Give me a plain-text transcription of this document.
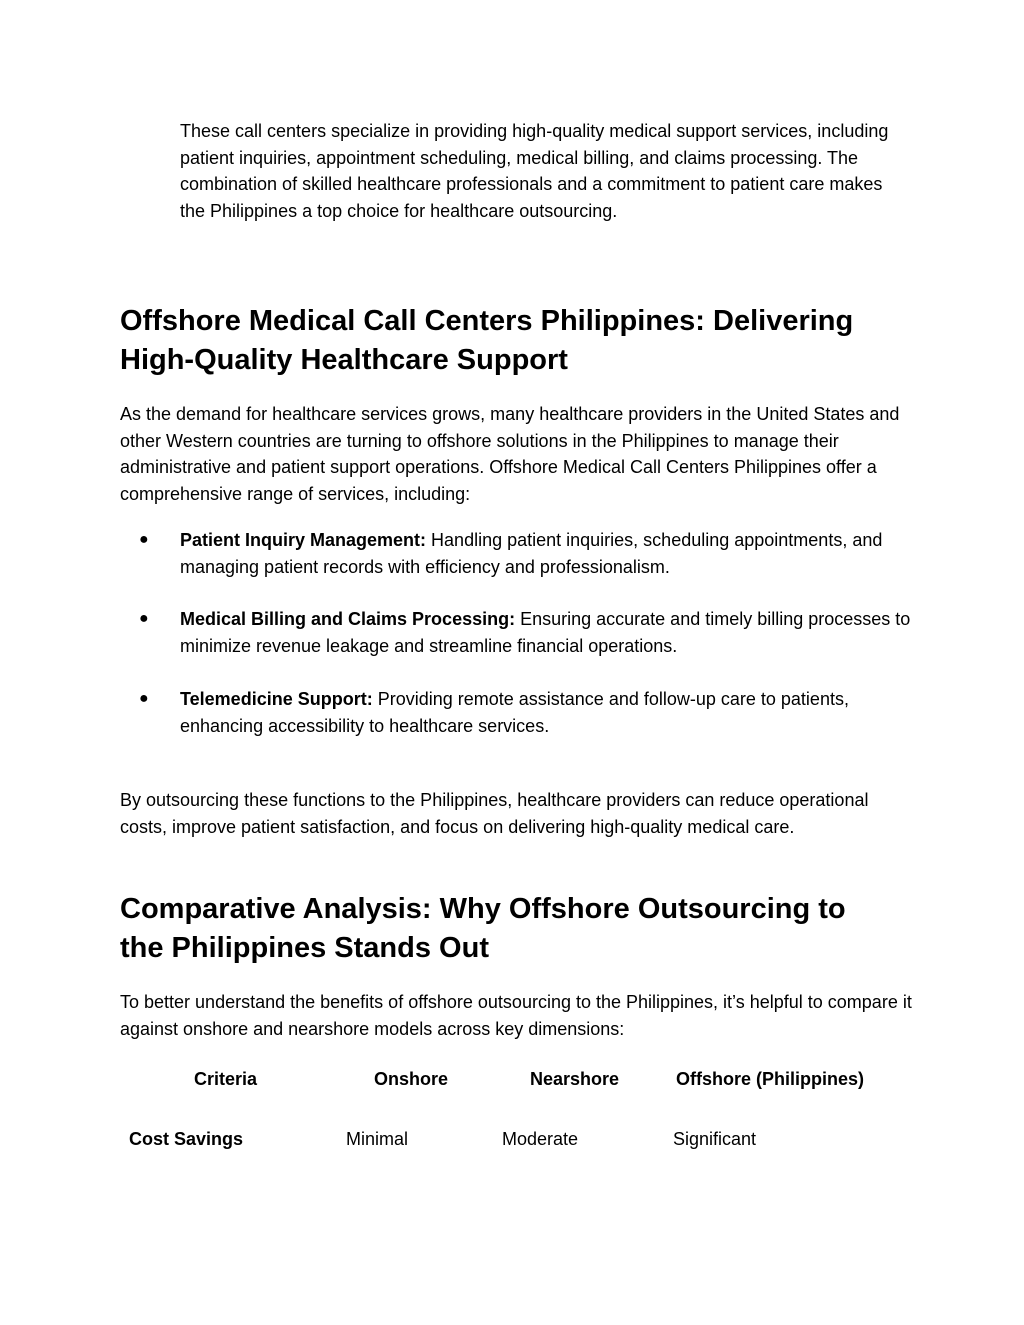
These call centers specialize in providing high-quality medical support services, including patient inquiries, appointment scheduling, medical billing, and claims processing. The combination of skilled healthcare professionals and a commitment to patient care makes the Philippines a top choice for healthcare outsourcing.

Offshore Medical Call Centers Philippines: Delivering
High-Quality Healthcare Support

As the demand for healthcare services grows, many healthcare providers in the United States and other Western countries are turning to offshore solutions in the Philippines to manage their administrative and patient support operations. Offshore Medical Call Centers Philippines offer a comprehensive range of services, including:

● Patient Inquiry Management: Handling patient inquiries, scheduling appointments, and managing patient records with efficiency and professionalism.
● Medical Billing and Claims Processing: Ensuring accurate and timely billing processes to minimize revenue leakage and streamline financial operations.
● Telemedicine Support: Providing remote assistance and follow-up care to patients, enhancing accessibility to healthcare services.

By outsourcing these functions to the Philippines, healthcare providers can reduce operational costs, improve patient satisfaction, and focus on delivering high-quality medical care.

Comparative Analysis: Why Offshore Outsourcing to
the Philippines Stands Out

To better understand the benefits of offshore outsourcing to the Philippines, it’s helpful to compare it against onshore and nearshore models across key dimensions:

Criteria	Onshore	Nearshore	Offshore (Philippines)
Cost Savings	Minimal	Moderate	Significant
